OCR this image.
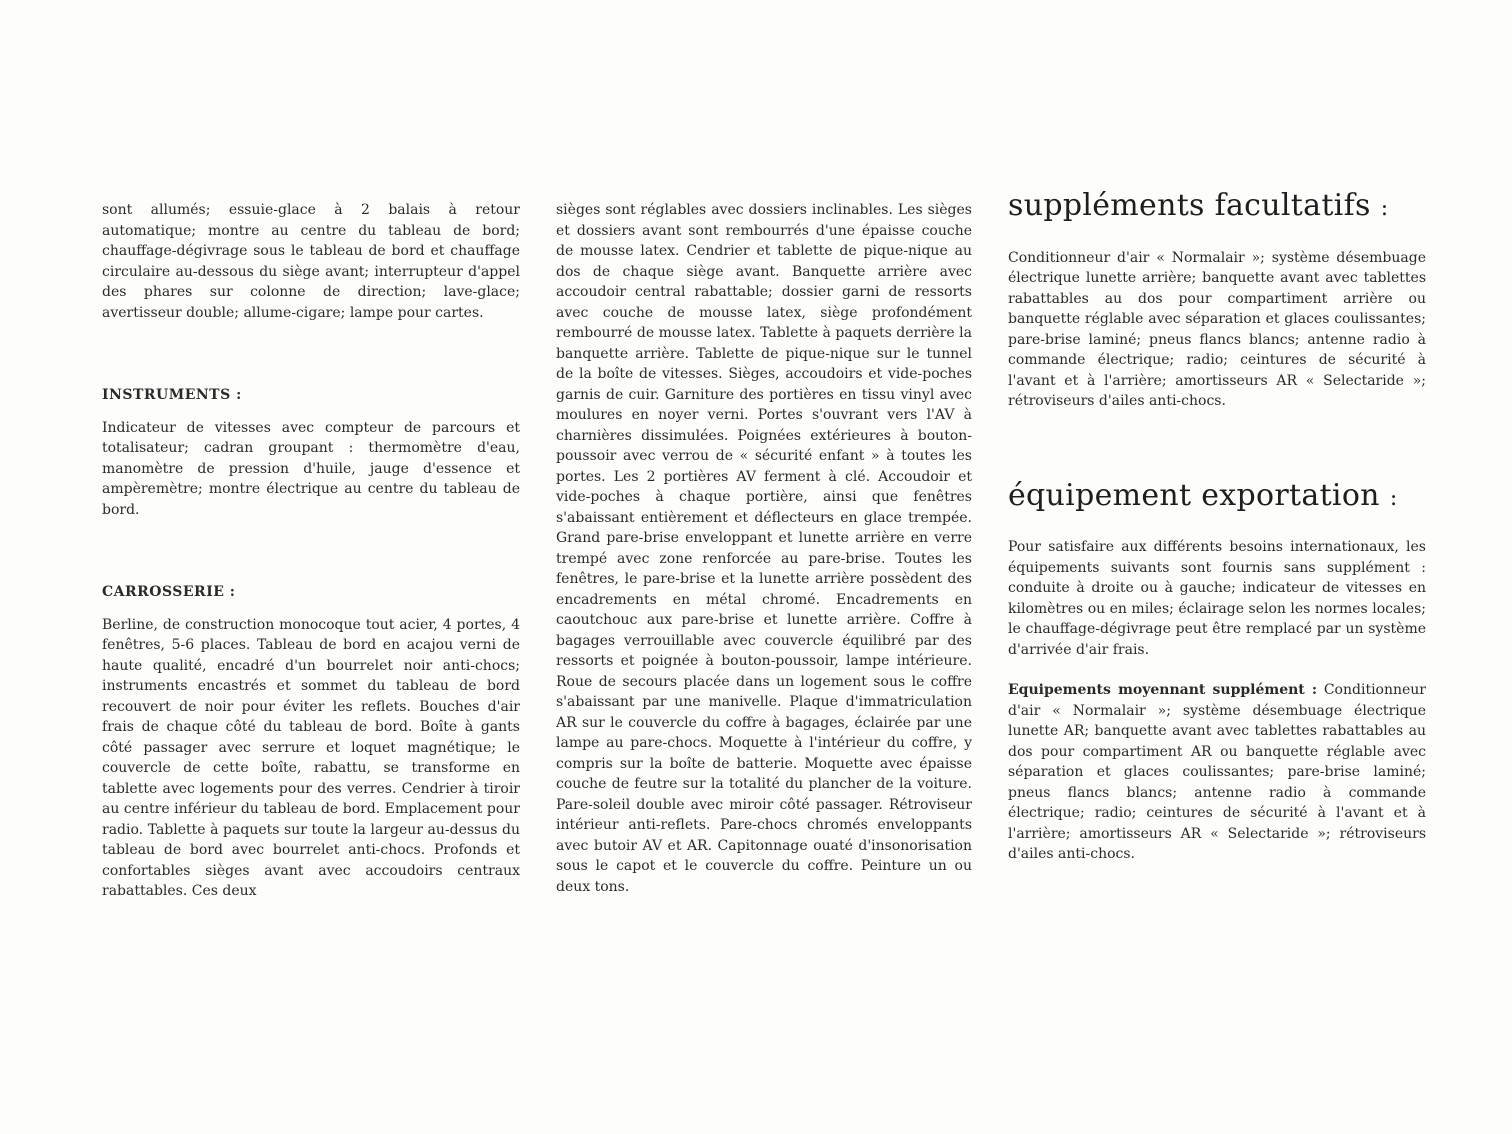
sont allumés; essuie-glace à 2 balais à retour automatique; montre au centre du tableau de bord; chauffage-dégivrage sous le tableau de bord et chauffage circulaire au-dessous du siège avant; interrupteur d'appel des phares sur colonne de direction; lave-glace; avertisseur double; allume-cigare; lampe pour cartes.

INSTRUMENTS :

Indicateur de vitesses avec compteur de parcours et totalisateur; cadran groupant : thermomètre d'eau, manomètre de pression d'huile, jauge d'essence et ampèremètre; montre électrique au centre du tableau de bord.

CARROSSERIE :

Berline, de construction monocoque tout acier, 4 portes, 4 fenêtres, 5-6 places. Tableau de bord en acajou verni de haute qualité, encadré d'un bourrelet noir anti-chocs; instruments encastrés et sommet du tableau de bord recouvert de noir pour éviter les reflets. Bouches d'air frais de chaque côté du tableau de bord. Boîte à gants côté passager avec serrure et loquet magnétique; le couvercle de cette boîte, rabattu, se transforme en tablette avec logements pour des verres. Cendrier à tiroir au centre inférieur du tableau de bord. Emplacement pour radio. Tablette à paquets sur toute la largeur au-dessus du tableau de bord avec bourrelet anti-chocs. Profonds et confortables sièges avant avec accoudoirs centraux rabattables. Ces deux

sièges sont réglables avec dossiers inclinables. Les sièges et dossiers avant sont rembourrés d'une épaisse couche de mousse latex. Cendrier et tablette de pique-nique au dos de chaque siège avant. Banquette arrière avec accoudoir central rabattable; dossier garni de ressorts avec couche de mousse latex, siège profondément rembourré de mousse latex. Tablette à paquets derrière la banquette arrière. Tablette de pique-nique sur le tunnel de la boîte de vitesses. Sièges, accoudoirs et vide-poches garnis de cuir. Garniture des portières en tissu vinyl avec moulures en noyer verni. Portes s'ouvrant vers l'AV à charnières dissimulées. Poignées extérieures à bouton-poussoir avec verrou de « sécurité enfant » à toutes les portes. Les 2 portières AV ferment à clé. Accoudoir et vide-poches à chaque portière, ainsi que fenêtres s'abaissant entièrement et déflecteurs en glace trempée. Grand pare-brise enveloppant et lunette arrière en verre trempé avec zone renforcée au pare-brise. Toutes les fenêtres, le pare-brise et la lunette arrière possèdent des encadrements en métal chromé. Encadrements en caoutchouc aux pare-brise et lunette arrière. Coffre à bagages verrouillable avec couvercle équilibré par des ressorts et poignée à bouton-poussoir, lampe intérieure. Roue de secours placée dans un logement sous le coffre s'abaissant par une manivelle. Plaque d'immatriculation AR sur le couvercle du coffre à bagages, éclairée par une lampe au pare-chocs. Moquette à l'intérieur du coffre, y compris sur la boîte de batterie. Moquette avec épaisse couche de feutre sur la totalité du plancher de la voiture. Pare-soleil double avec miroir côté passager. Rétroviseur intérieur anti-reflets. Pare-chocs chromés enveloppants avec butoir AV et AR. Capitonnage ouaté d'insonorisation sous le capot et le couvercle du coffre. Peinture un ou deux tons.

suppléments facultatifs :

Conditionneur d'air « Normalair »; système désembuage électrique lunette arrière; banquette avant avec tablettes rabattables au dos pour compartiment arrière ou banquette réglable avec séparation et glaces coulissantes; pare-brise laminé; pneus flancs blancs; antenne radio à commande électrique; radio; ceintures de sécurité à l'avant et à l'arrière; amortisseurs AR « Selectaride »; rétroviseurs d'ailes anti-chocs.

équipement exportation :

Pour satisfaire aux différents besoins internationaux, les équipements suivants sont fournis sans supplément : conduite à droite ou à gauche; indicateur de vitesses en kilomètres ou en miles; éclairage selon les normes locales; le chauffage-dégivrage peut être remplacé par un système d'arrivée d'air frais.

Equipements moyennant supplément : Conditionneur d'air « Normalair »; système désembuage électrique lunette AR; banquette avant avec tablettes rabattables au dos pour compartiment AR ou banquette réglable avec séparation et glaces coulissantes; pare-brise laminé; pneus flancs blancs; antenne radio à commande électrique; radio; ceintures de sécurité à l'avant et à l'arrière; amortisseurs AR « Selectaride »; rétroviseurs d'ailes anti-chocs.
